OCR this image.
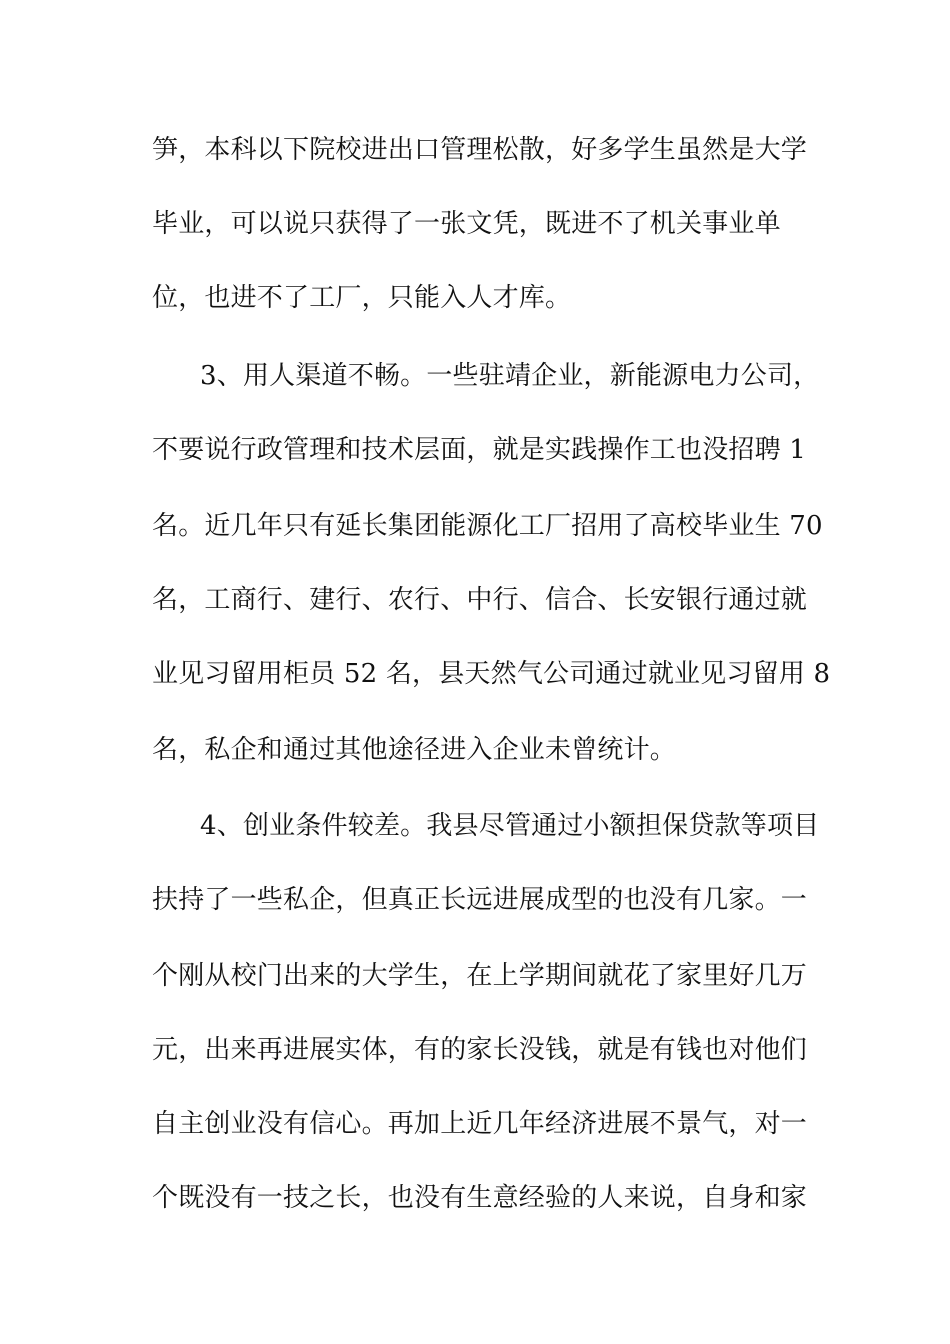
笋，本科以下院校进出口管理松散，好多学生虽然是大学
毕业，可以说只获得了一张文凭，既进不了机关事业单
位，也进不了工厂，只能入人才库。
3、用人渠道不畅。一些驻靖企业，新能源电力公司，
不要说行政管理和技术层面，就是实践操作工也没招聘 1
名。近几年只有延长集团能源化工厂招用了高校毕业生 70
名，工商行、建行、农行、中行、信合、长安银行通过就
业见习留用柜员 52 名，县天然气公司通过就业见习留用 8
名，私企和通过其他途径进入企业未曾统计。
4、创业条件较差。我县尽管通过小额担保贷款等项目
扶持了一些私企，但真正长远进展成型的也没有几家。一
个刚从校门出来的大学生，在上学期间就花了家里好几万
元，出来再进展实体，有的家长没钱，就是有钱也对他们
自主创业没有信心。再加上近几年经济进展不景气，对一
个既没有一技之长，也没有生意经验的人来说，自身和家
